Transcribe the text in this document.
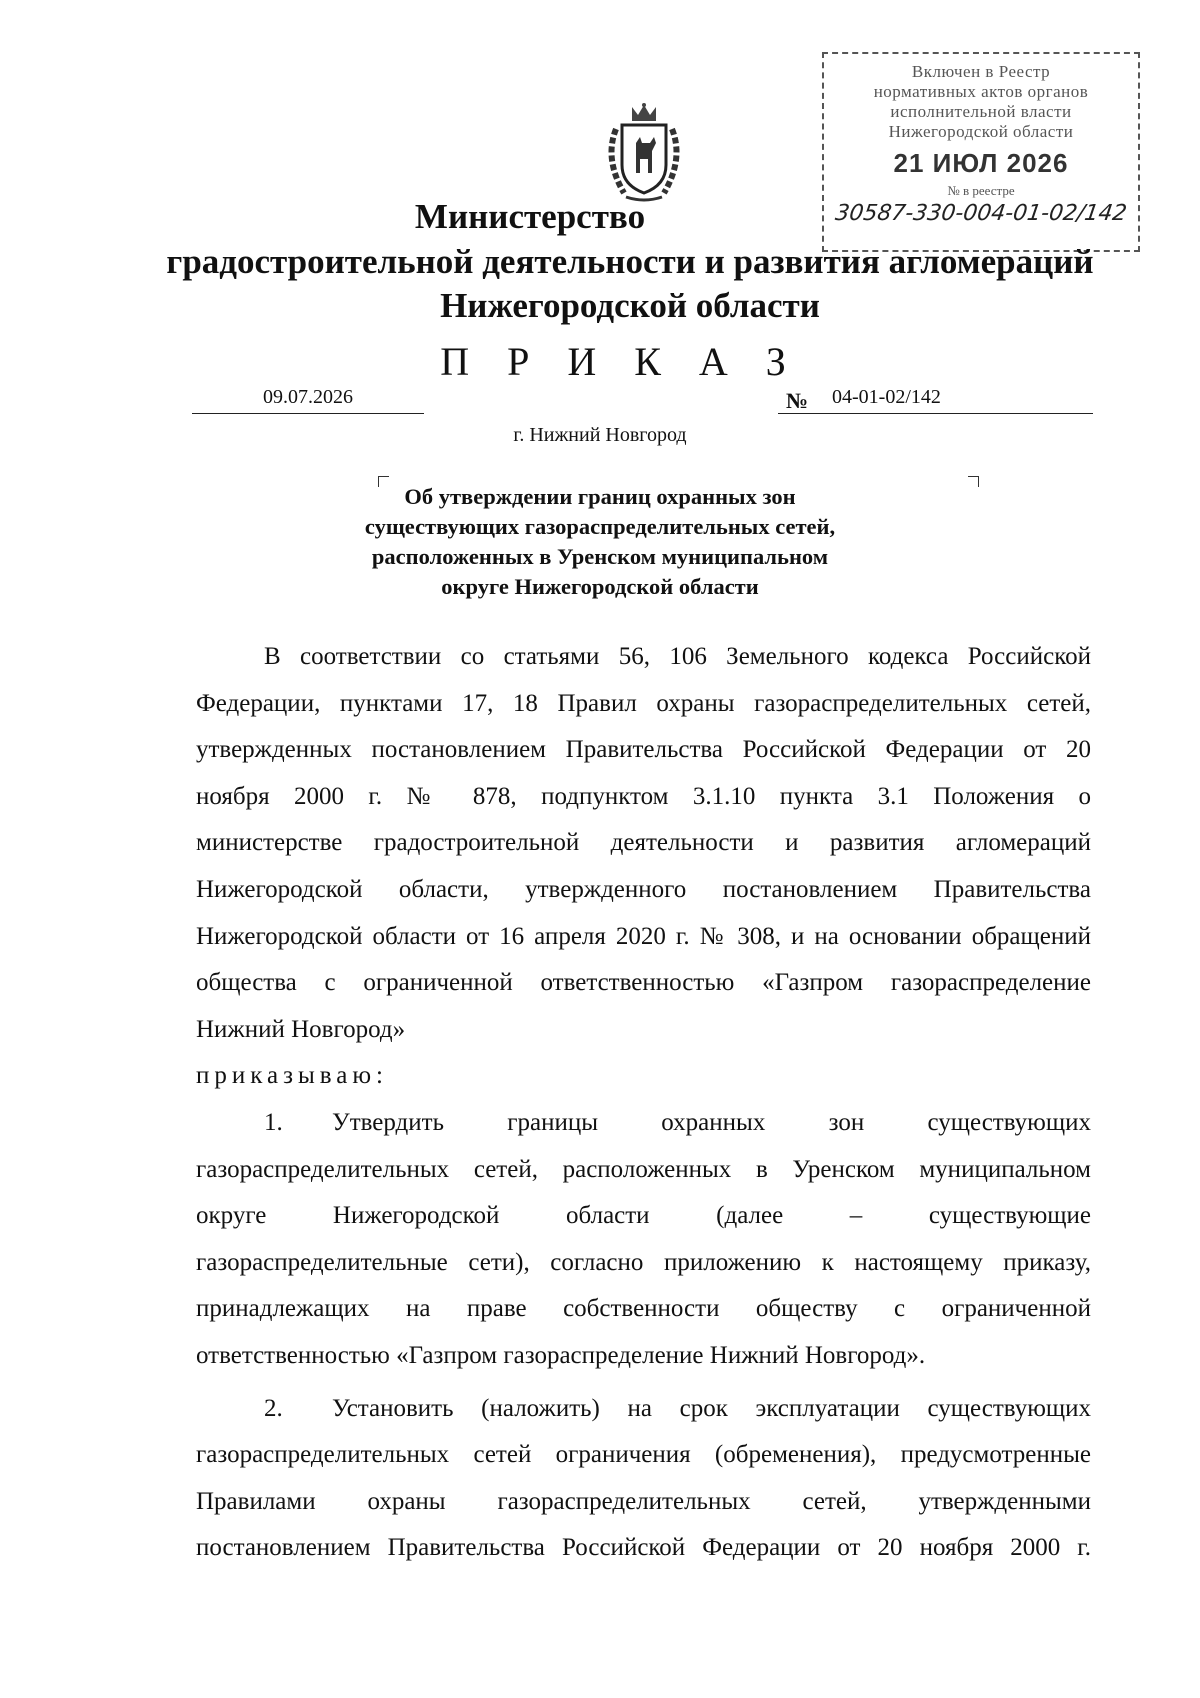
Включен в Реестр
нормативных актов органов
исполнительной власти
Нижегородской области
21 ИЮЛ 2026
№ в реестре
30587-330-004-01-02/142
Министерство
градостроительной деятельности и развития агломераций
Нижегородской области
П Р И К А З
09.07.2026	04-01-02/142
№
г. Нижний Новгород
Об утверждении границ охранных зон
существующих газораспределительных сетей,
расположенных в Уренском муниципальном
округе Нижегородской области
В соответствии со статьями 56, 106 Земельного кодекса Российской
Федерации, пунктами 17, 18 Правил охраны газораспределительных сетей,
утвержденных постановлением Правительства Российской Федерации от 20
ноября 2000 г. № 878, подпунктом 3.1.10 пункта 3.1 Положения о
министерстве градостроительной деятельности и развития агломераций
Нижегородской области, утвержденного постановлением Правительства
Нижегородской области от 16 апреля 2020 г. № 308, и на основании обращений
общества с ограниченной ответственностью «Газпром газораспределение
Нижний Новгород»

приказываю:

1. Утвердить границы охранных зон существующих
газораспределительных сетей, расположенных в Уренском муниципальном
округе Нижегородской области (далее – существующие
газораспределительные сети), согласно приложению к настоящему приказу,
принадлежащих на праве собственности обществу с ограниченной
ответственностью «Газпром газораспределение Нижний Новгород».
2. Установить (наложить) на срок эксплуатации существующих
газораспределительных сетей ограничения (обременения), предусмотренные
Правилами охраны газораспределительных сетей, утвержденными
постановлением Правительства Российской Федерации от 20 ноября 2000 г.
